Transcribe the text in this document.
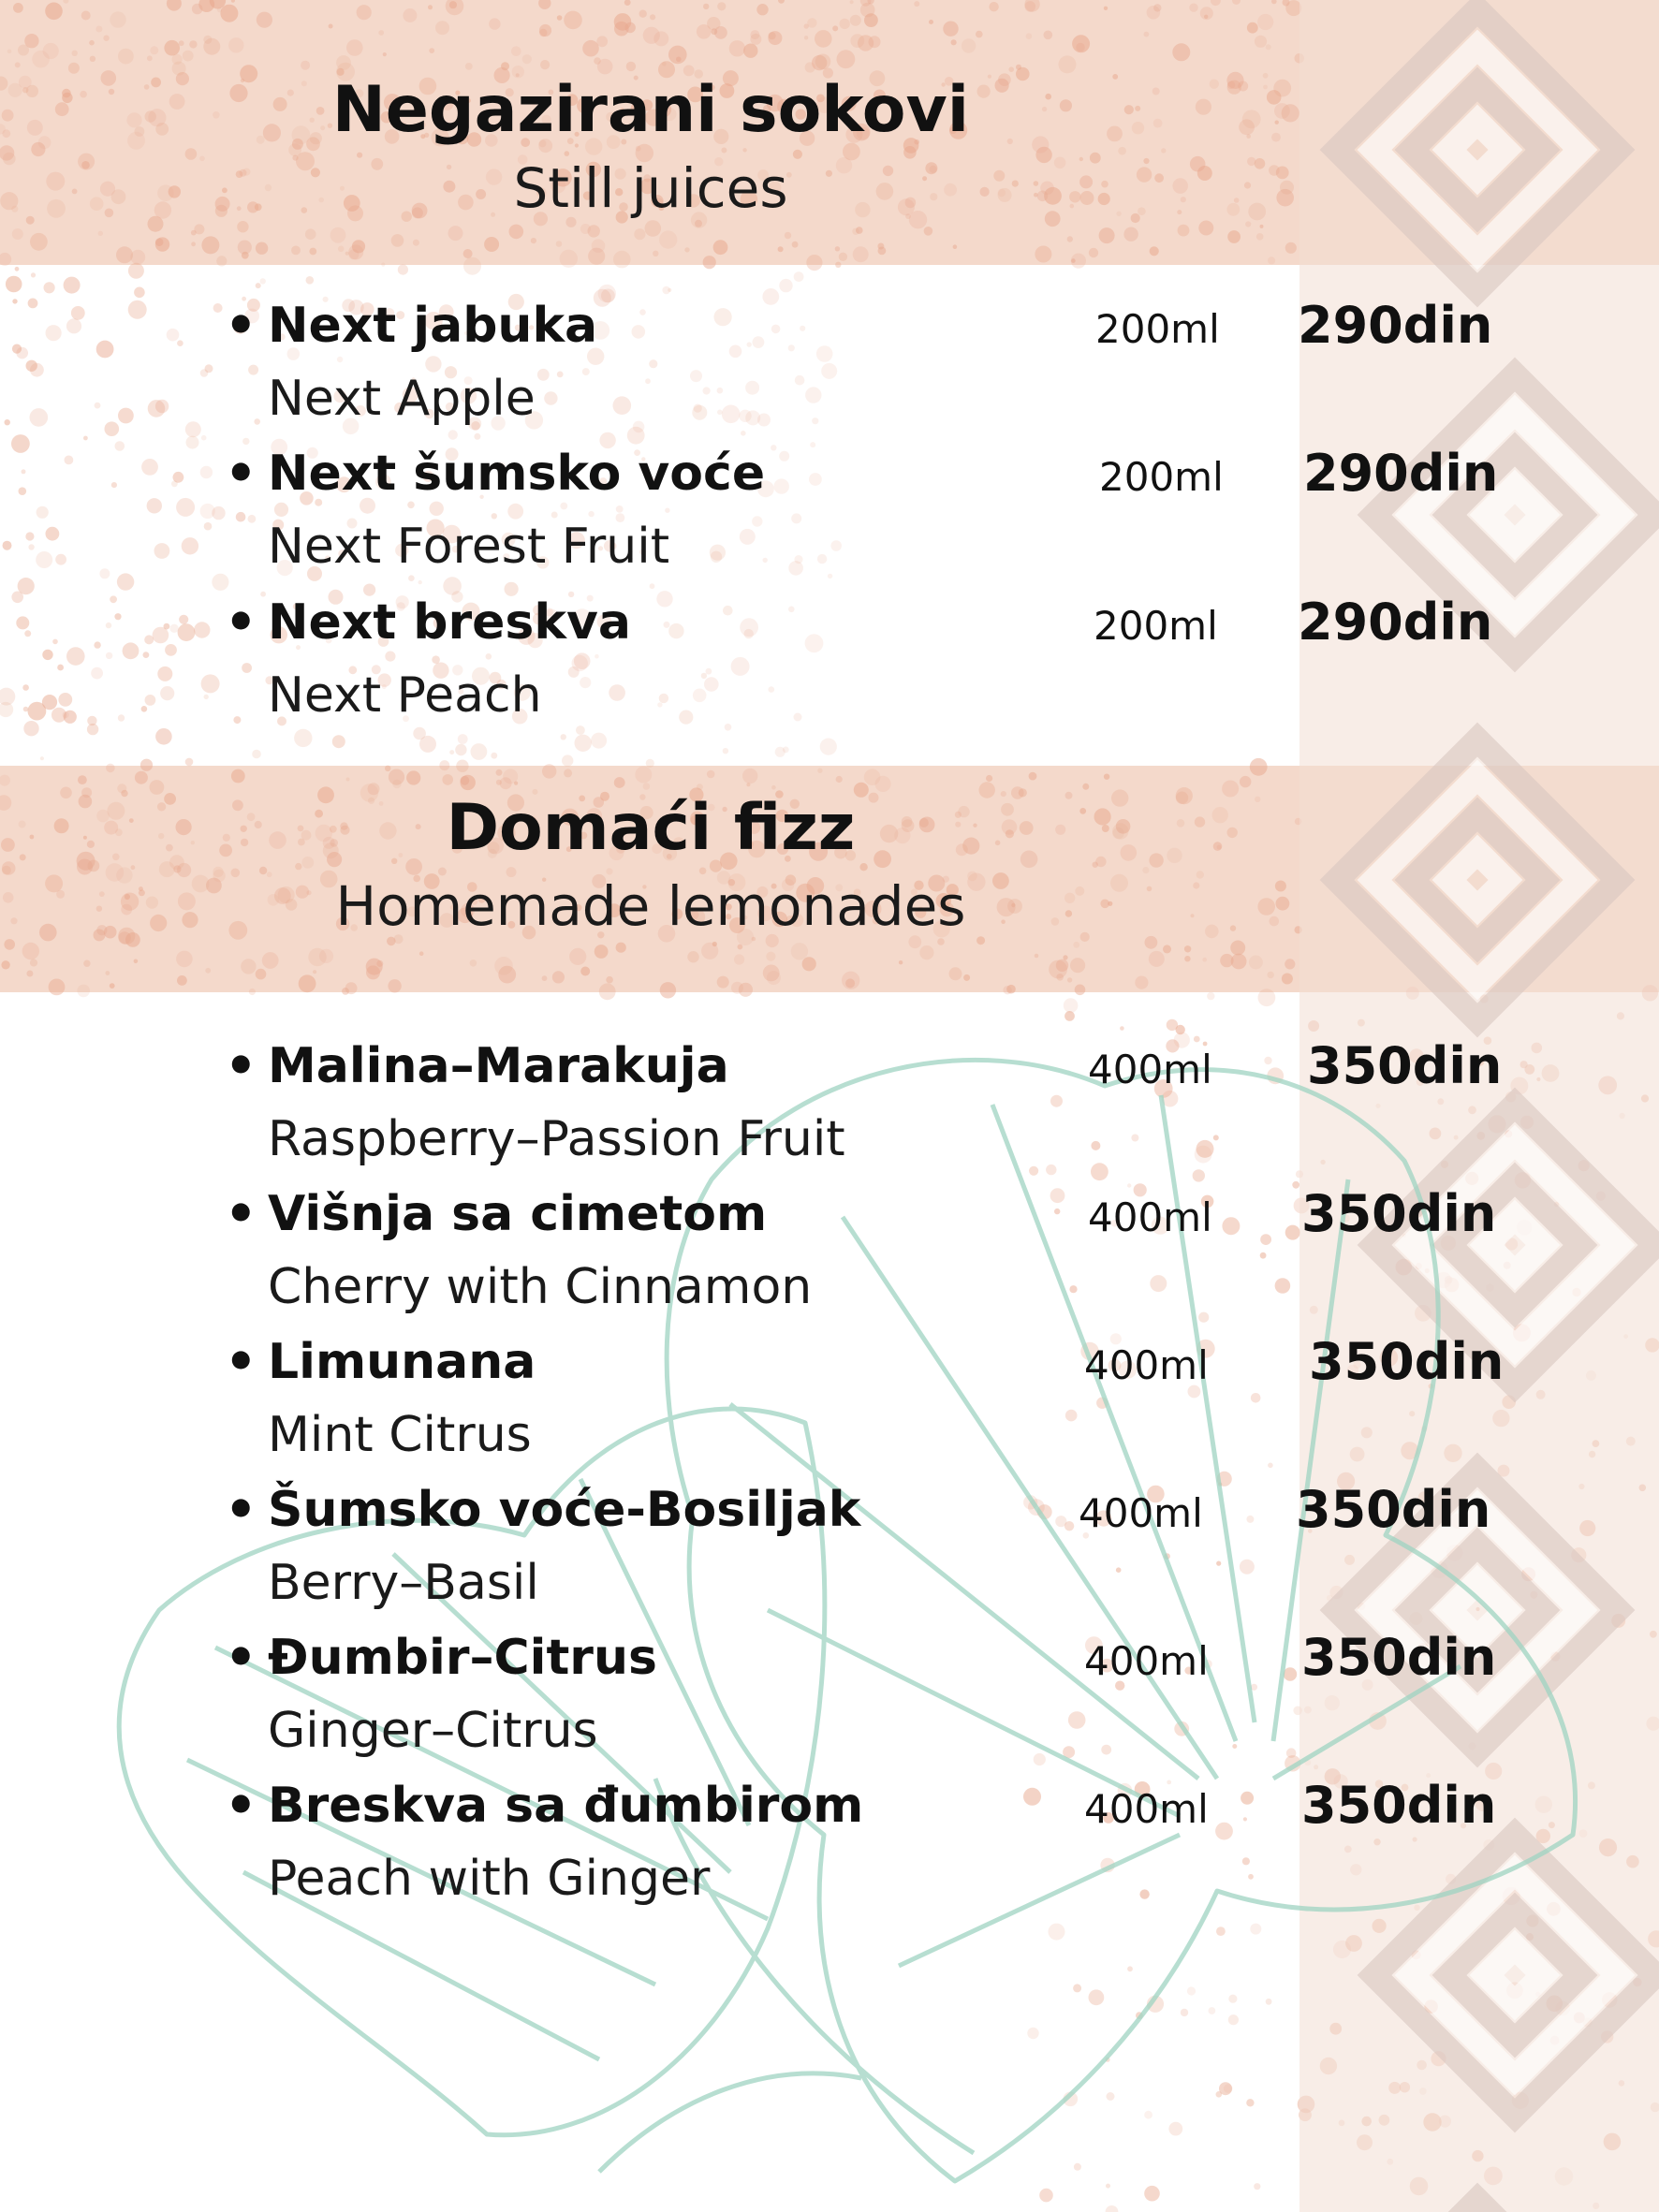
Negazirani sokovi
Still juices
• Next jabuka
Next Apple
200ml 290din
• Next šumsko voće
Next Forest Fruit
200ml 290din
• Next breskva
Next Peach
200ml 290din
Domaći fizz
Homemade lemonades
• Malina–Marakuja
Raspberry–Passion Fruit
400ml 350din
• Višnja sa cimetom
Cherry with Cinnamon
400ml 350din
• Limunana
Mint Citrus
400ml 350din
• Šumsko voće-Bosiljak
Berry–Basil
400ml 350din
• Đumbir–Citrus
Ginger–Citrus
400ml 350din
• Breskva sa đumbirom
Peach with Ginger
400ml 350din
